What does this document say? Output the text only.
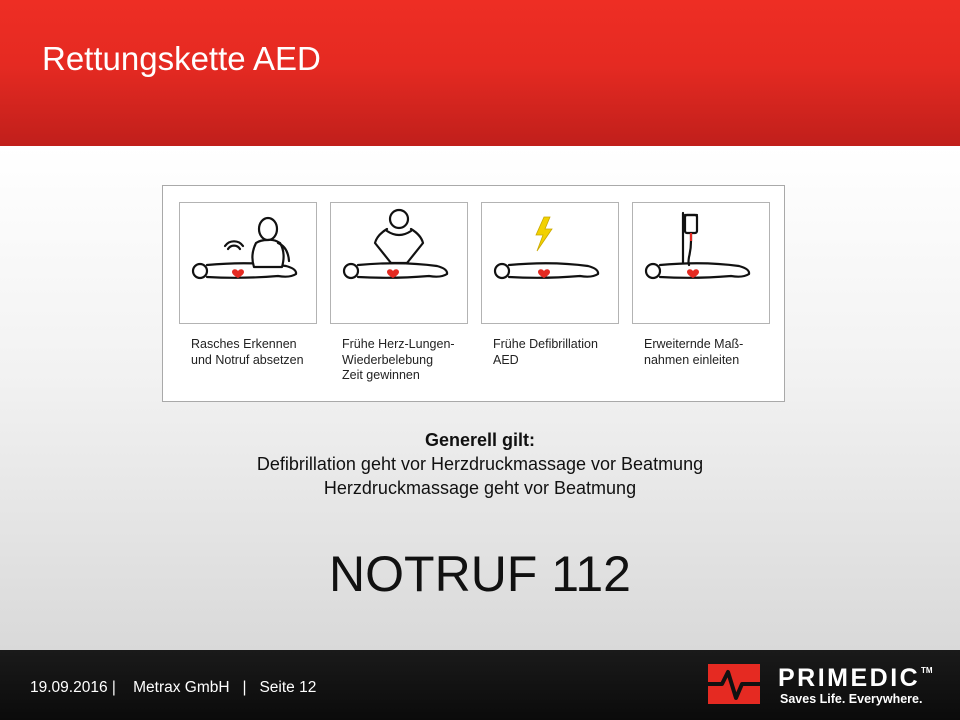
Rettungskette AED
Rasches Erkennen
und Notruf absetzen
Frühe Herz-Lungen-
Wiederbelebung
Zeit gewinnen
Frühe Defibrillation
AED
Erweiternde Maß-
nahmen einleiten
Generell gilt:
Defibrillation geht vor Herzdruckmassage vor Beatmung
Herzdruckmassage geht vor Beatmung
NOTRUF 112
19.09.2016 |    Metrax GmbH   |   Seite 12	PRIMEDIC TM
Saves Life. Everywhere.
